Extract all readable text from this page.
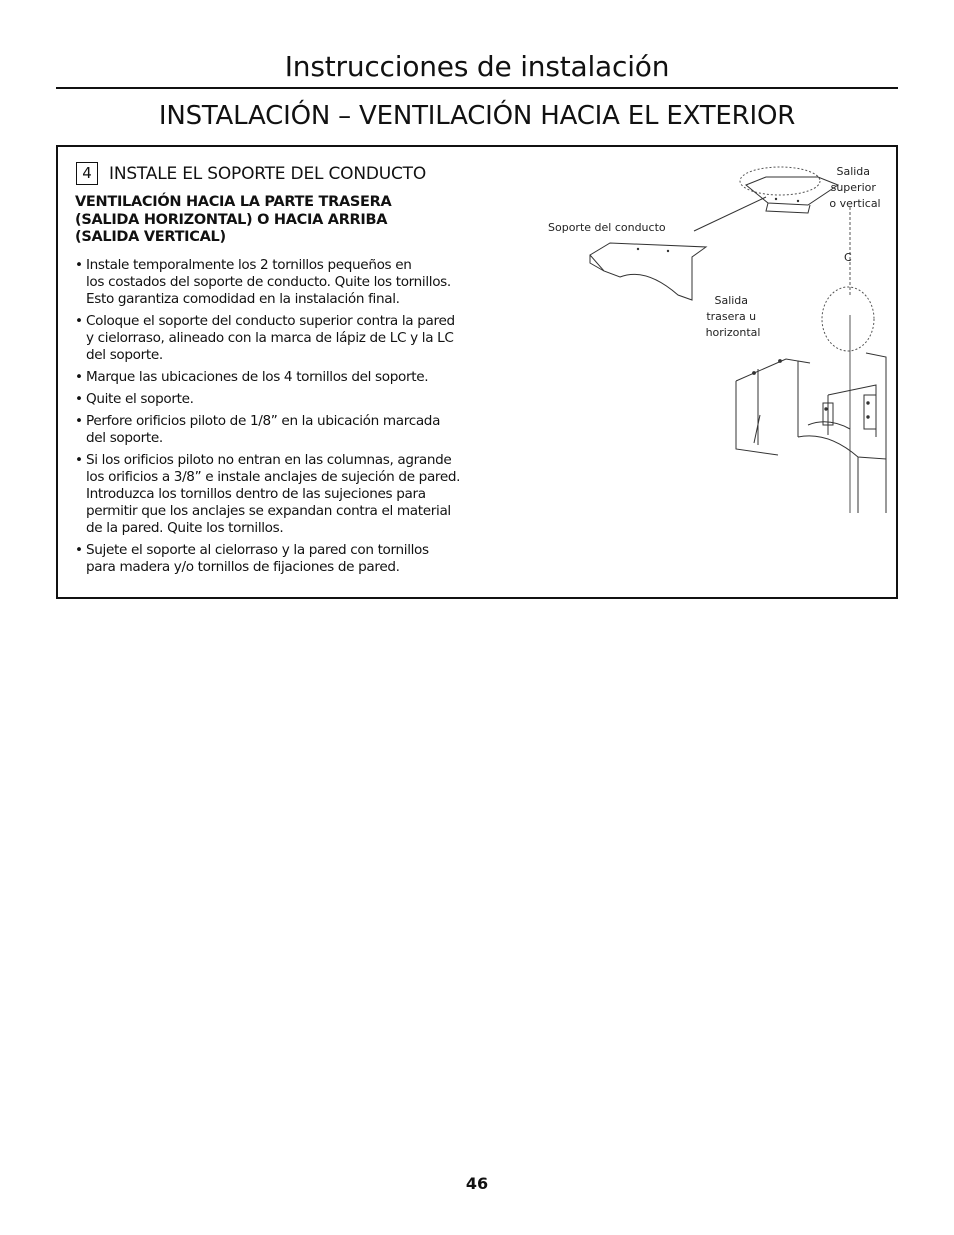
Instrucciones de instalación
INSTALACIÓN – VENTILACIÓN HACIA EL EXTERIOR
4	INSTALE EL SOPORTE DEL CONDUCTO
VENTILACIÓN HACIA LA PARTE TRASERA
(SALIDA HORIZONTAL) O HACIA ARRIBA
(SALIDA VERTICAL)
• Instale temporalmente los 2 tornillos pequeños en
los costados del soporte de conducto. Quite los tornillos.
Esto garantiza comodidad en la instalación final.
• Coloque el soporte del conducto superior contra la pared
y cielorraso, alineado con la marca de lápiz de LC y la LC
del soporte.
• Marque las ubicaciones de los 4 tornillos del soporte.
• Quite el soporte.
• Perfore orificios piloto de 1/8” en la ubicación marcada
del soporte.
• Si los orificios piloto no entran en las columnas, agrande
los orificios a 3/8” e instale anclajes de sujeción de pared.
Introduzca los tornillos dentro de las sujeciones para
permitir que los anclajes se expandan contra el material
de la pared. Quite los tornillos.
• Sujete el soporte al cielorraso y la pared con tornillos
para madera y/o tornillos de fijaciones de pared.
C
Salida superior o vertical
Soporte del conducto
Salida trasera u horizontal
46
